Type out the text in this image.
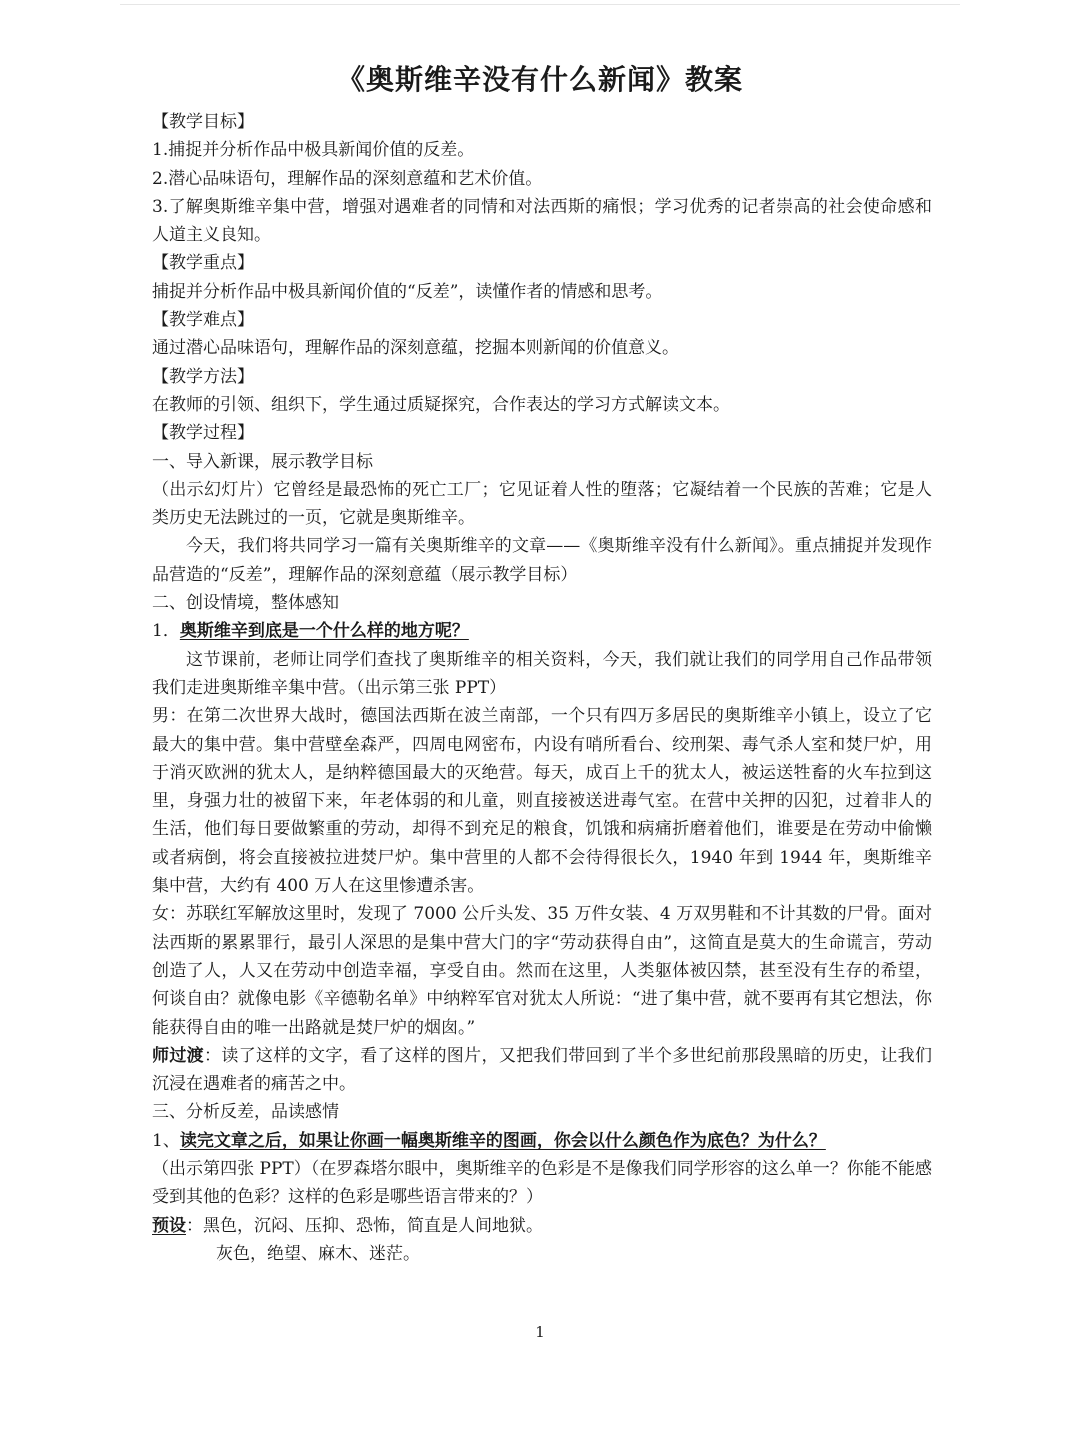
《奥斯维辛没有什么新闻》教案

【教学目标】

1.捕捉并分析作品中极具新闻价值的反差。

2.潜心品味语句，理解作品的深刻意蕴和艺术价值。

3.了解奥斯维辛集中营，增强对遇难者的同情和对法西斯的痛恨；学习优秀的记者崇高的社会使命感和人道主义良知。

【教学重点】

捕捉并分析作品中极具新闻价值的“反差”，读懂作者的情感和思考。

【教学难点】

通过潜心品味语句，理解作品的深刻意蕴，挖掘本则新闻的价值意义。

【教学方法】

在教师的引领、组织下，学生通过质疑探究，合作表达的学习方式解读文本。

【教学过程】

一、导入新课，展示教学目标

（出示幻灯片）它曾经是最恐怖的死亡工厂；它见证着人性的堕落；它凝结着一个民族的苦难；它是人类历史无法跳过的一页，它就是奥斯维辛。

今天，我们将共同学习一篇有关奥斯维辛的文章——《奥斯维辛没有什么新闻》。重点捕捉并发现作品营造的“反差”，理解作品的深刻意蕴（展示教学目标）

二、创设情境，整体感知

1．奥斯维辛到底是一个什么样的地方呢？

这节课前，老师让同学们查找了奥斯维辛的相关资料，今天，我们就让我们的同学用自己作品带领我们走进奥斯维辛集中营。（出示第三张 PPT）

男：在第二次世界大战时，德国法西斯在波兰南部，一个只有四万多居民的奥斯维辛小镇上，设立了它最大的集中营。集中营壁垒森严，四周电网密布，内设有哨所看台、绞刑架、毒气杀人室和焚尸炉，用于消灭欧洲的犹太人，是纳粹德国最大的灭绝营。每天，成百上千的犹太人，被运送牲畜的火车拉到这里，身强力壮的被留下来，年老体弱的和儿童，则直接被送进毒气室。在营中关押的囚犯，过着非人的生活，他们每日要做繁重的劳动，却得不到充足的粮食，饥饿和病痛折磨着他们，谁要是在劳动中偷懒或者病倒，将会直接被拉进焚尸炉。集中营里的人都不会待得很长久，1940 年到 1944 年，奥斯维辛集中营，大约有 400 万人在这里惨遭杀害。

女：苏联红军解放这里时，发现了 7000 公斤头发、35 万件女装、4 万双男鞋和不计其数的尸骨。面对法西斯的累累罪行，最引人深思的是集中营大门的字“劳动获得自由”，这简直是莫大的生命谎言，劳动创造了人，人又在劳动中创造幸福，享受自由。然而在这里，人类躯体被囚禁，甚至没有生存的希望，何谈自由？就像电影《辛德勒名单》中纳粹军官对犹太人所说：“进了集中营，就不要再有其它想法，你能获得自由的唯一出路就是焚尸炉的烟囱。”

师过渡：读了这样的文字，看了这样的图片，又把我们带回到了半个多世纪前那段黑暗的历史，让我们沉浸在遇难者的痛苦之中。

三、分析反差，品读感情

1、读完文章之后，如果让你画一幅奥斯维辛的图画，你会以什么颜色作为底色？为什么？

（出示第四张 PPT）（在罗森塔尔眼中，奥斯维辛的色彩是不是像我们同学形容的这么单一？你能不能感受到其他的色彩？这样的色彩是哪些语言带来的？）

预设：黑色，沉闷、压抑、恐怖，简直是人间地狱。

灰色，绝望、麻木、迷茫。

1
